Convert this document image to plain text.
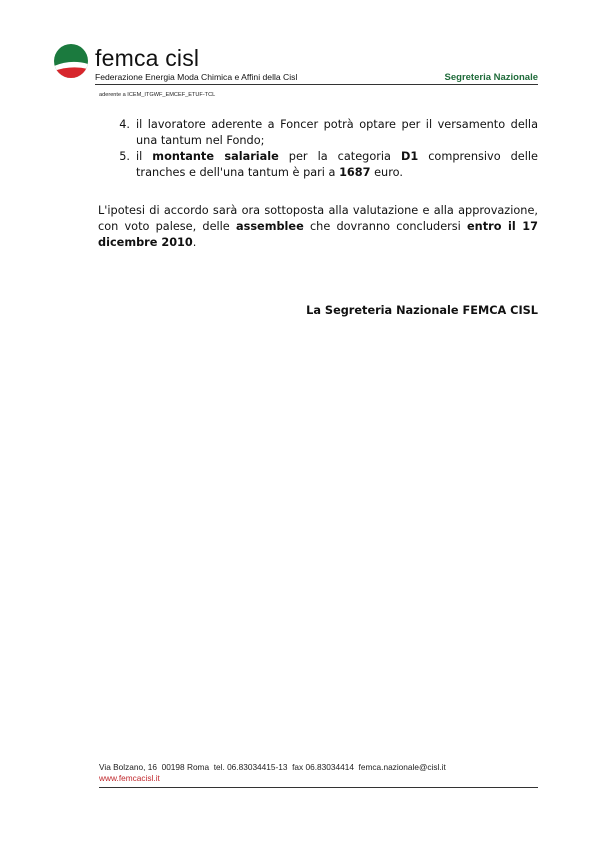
femca cisl
Federazione Energia Moda Chimica e Affini della Cisl	Segreteria Nazionale
aderente a ICEM_ITGWF_EMCEF_ETUF-TCL
4. il lavoratore aderente a Foncer potrà optare per il versamento della una tantum nel Fondo;
5. il montante salariale per la categoria D1 comprensivo delle tranches e dell'una tantum è pari a 1687 euro.
L'ipotesi di accordo sarà ora sottoposta alla valutazione e alla approvazione, con voto palese, delle assemblee che dovranno concludersi entro il 17 dicembre 2010.
La Segreteria Nazionale FEMCA CISL
Via Bolzano, 16  00198 Roma  tel. 06.83034415-13  fax 06.83034414  femca.nazionale@cisl.it
www.femcacisl.it
